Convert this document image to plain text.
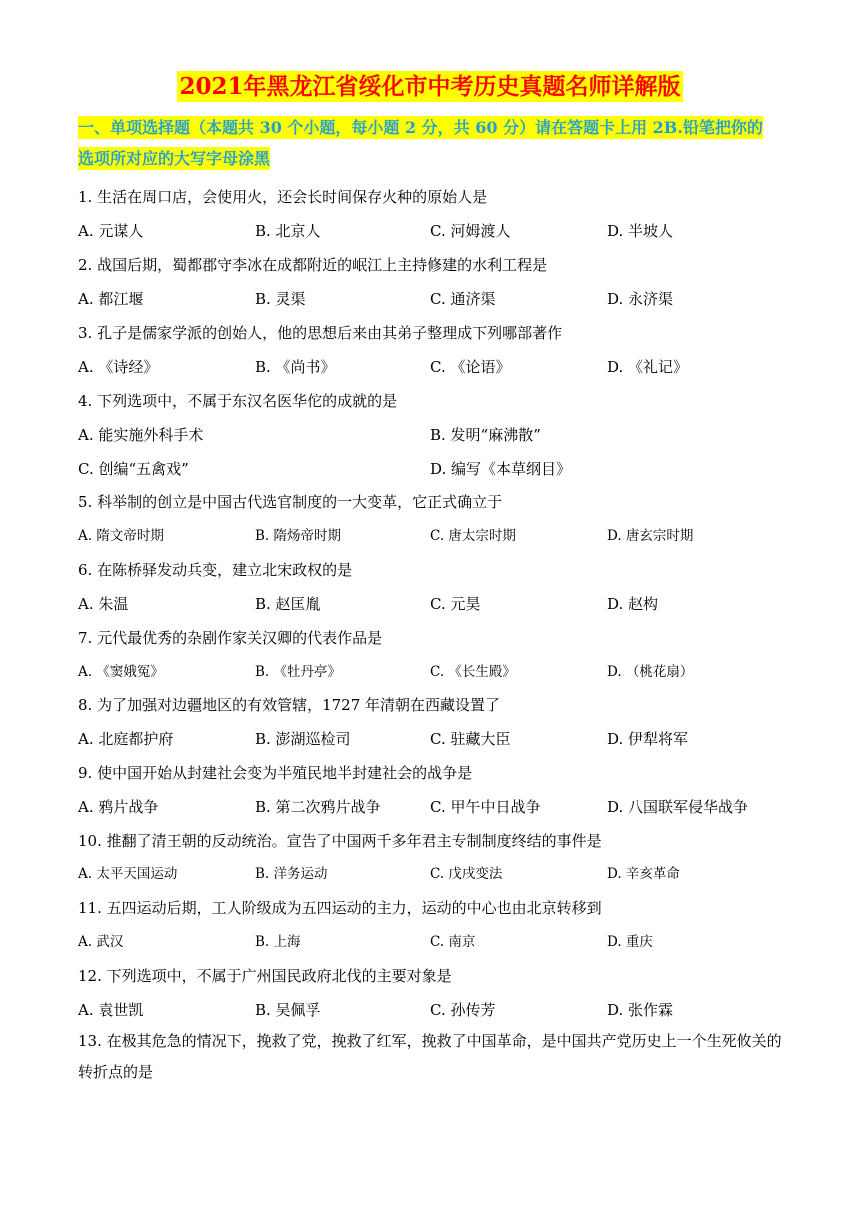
2021年黑龙江省绥化市中考历史真题名师详解版
一、单项选择题（本题共 30 个小题，每小题 2 分，共 60 分）请在答题卡上用 2B.铅笔把你的
选项所对应的大写字母涂黑
1. 生活在周口店，会使用火，还会长时间保存火种的原始人是
A. 元谋人	B. 北京人	C. 河姆渡人	D. 半坡人
2. 战国后期，蜀都郡守李冰在成都附近的岷江上主持修建的水利工程是
A. 都江堰	B. 灵渠	C. 通济渠	D. 永济渠
3. 孔子是儒家学派的创始人，他的思想后来由其弟子整理成下列哪部著作
A. 《诗经》	B. 《尚书》	C. 《论语》	D. 《礼记》
4. 下列选项中，不属于东汉名医华佗的成就的是
A. 能实施外科手术	B. 发明“麻沸散”
C. 创编“五禽戏”	D. 编写《本草纲目》
5. 科举制的创立是中国古代选官制度的一大变革，它正式确立于
A. 隋文帝时期	B. 隋炀帝时期	C. 唐太宗时期	D. 唐玄宗时期
6. 在陈桥驿发动兵变，建立北宋政权的是
A. 朱温	B. 赵匡胤	C. 元昊	D. 赵构
7. 元代最优秀的杂剧作家关汉卿的代表作品是
A. 《窦娥冤》	B. 《牡丹亭》	C. 《长生殿》	D. （桃花扇）
8. 为了加强对边疆地区的有效管辖，1727 年清朝在西藏设置了
A. 北庭都护府	B. 澎湖巡检司	C. 驻藏大臣	D. 伊犁将军
9. 使中国开始从封建社会变为半殖民地半封建社会的战争是
A. 鸦片战争	B. 第二次鸦片战争	C. 甲午中日战争	D. 八国联军侵华战争
10. 推翻了清王朝的反动统治。宣告了中国两千多年君主专制制度终结的事件是
A. 太平天国运动	B. 洋务运动	C. 戊戌变法	D. 辛亥革命
11. 五四运动后期，工人阶级成为五四运动的主力，运动的中心也由北京转移到
A. 武汉	B. 上海	C. 南京	D. 重庆
12. 下列选项中，不属于广州国民政府北伐的主要对象是
A. 袁世凯	B. 吴佩孚	C. 孙传芳	D. 张作霖
13. 在极其危急的情况下，挽救了党，挽救了红军，挽救了中国革命，是中国共产党历史上一个生死攸关的转折点的是
